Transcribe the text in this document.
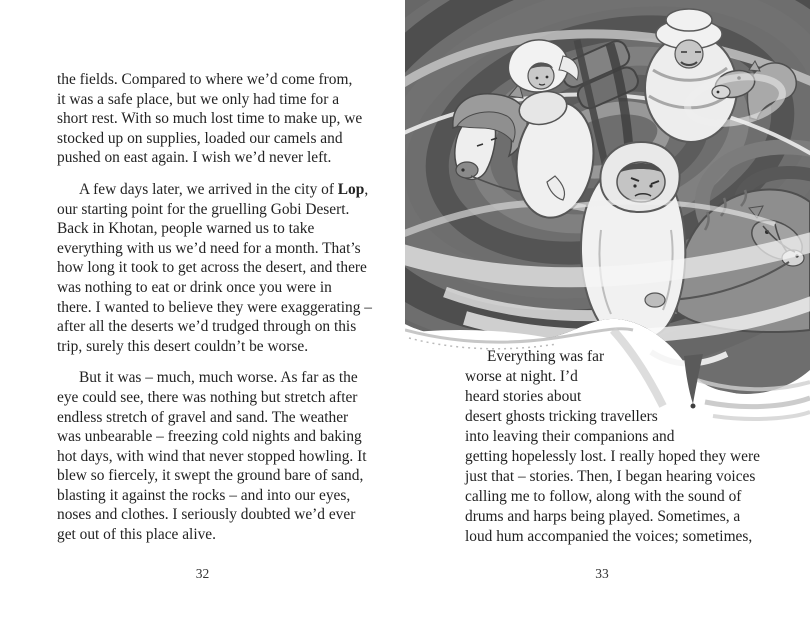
the fields. Compared to where we’d come from,
it was a safe place, but we only had time for a
short rest. With so much lost time to make up, we
stocked up on supplies, loaded our camels and
pushed on east again. I wish we’d never left.
A few days later, we arrived in the city of Lop,
our starting point for the gruelling Gobi Desert.
Back in Khotan, people warned us to take
everything with us we’d need for a month. That’s
how long it took to get across the desert, and there
was nothing to eat or drink once you were in
there. I wanted to believe they were exaggerating –
after all the deserts we’d trudged through on this
trip, surely this desert couldn’t be worse.
But it was – much, much worse. As far as the
eye could see, there was nothing but stretch after
endless stretch of gravel and sand. The weather
was unbearable – freezing cold nights and baking
hot days, with wind that never stopped howling. It
blew so fiercely, it swept the ground bare of sand,
blasting it against the rocks – and into our eyes,
noses and clothes. I seriously doubted we’d ever
get out of this place alive.
32
Everything was far
worse at night. I’d
heard stories about
desert ghosts tricking travellers
into leaving their companions and
getting hopelessly lost. I really hoped they were
just that – stories. Then, I began hearing voices
calling me to follow, along with the sound of
drums and harps being played. Sometimes, a
loud hum accompanied the voices; sometimes,
33
